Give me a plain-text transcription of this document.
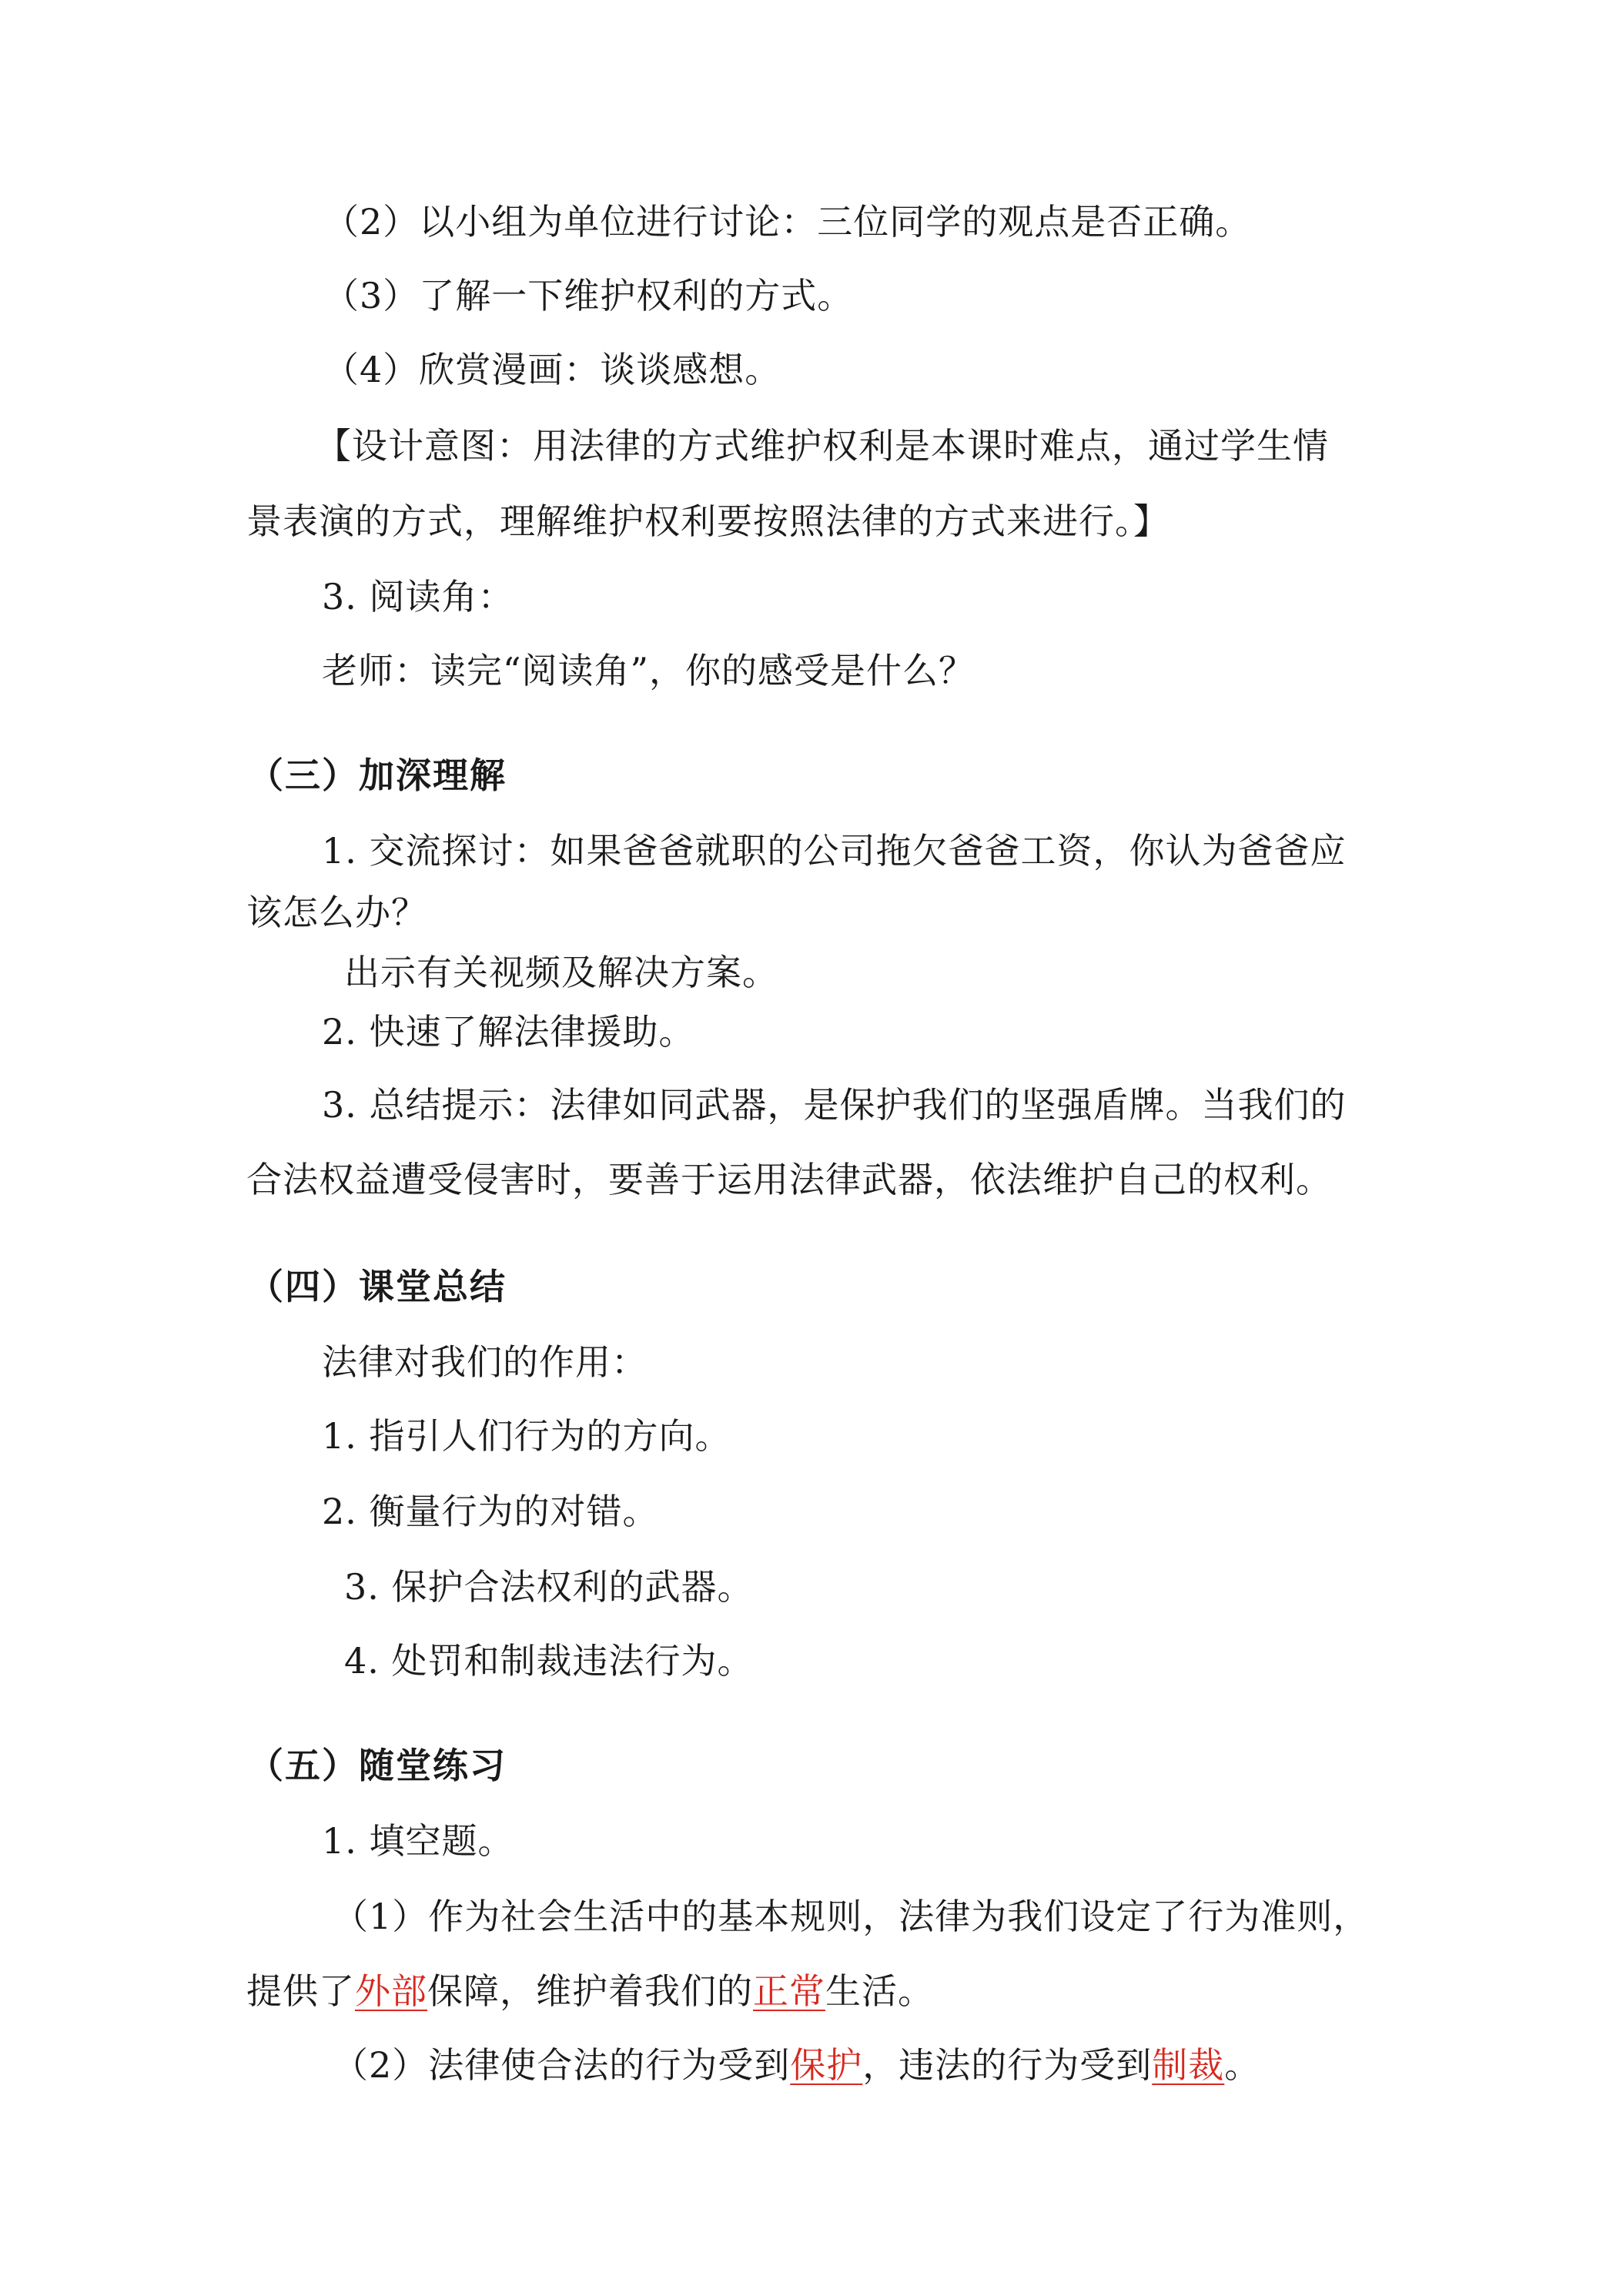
（2）以小组为单位进行讨论：三位同学的观点是否正确。
（3）了解一下维护权利的方式。
（4）欣赏漫画：谈谈感想。
【设计意图：用法律的方式维护权利是本课时难点，通过学生情
景表演的方式，理解维护权利要按照法律的方式来进行。】
3. 阅读角：
老师：读完“阅读角”，你的感受是什么？
（三）加深理解
1. 交流探讨：如果爸爸就职的公司拖欠爸爸工资，你认为爸爸应
该怎么办？
出示有关视频及解决方案。
2. 快速了解法律援助。
3. 总结提示：法律如同武器，是保护我们的坚强盾牌。当我们的
合法权益遭受侵害时，要善于运用法律武器，依法维护自己的权利。
（四）课堂总结
法律对我们的作用：
1. 指引人们行为的方向。
2. 衡量行为的对错。
3. 保护合法权利的武器。
4. 处罚和制裁违法行为。
（五）随堂练习
1. 填空题。
（1）作为社会生活中的基本规则，法律为我们设定了行为准则，
提供了外部保障，维护着我们的正常生活。
（2）法律使合法的行为受到保护，违法的行为受到制裁。
